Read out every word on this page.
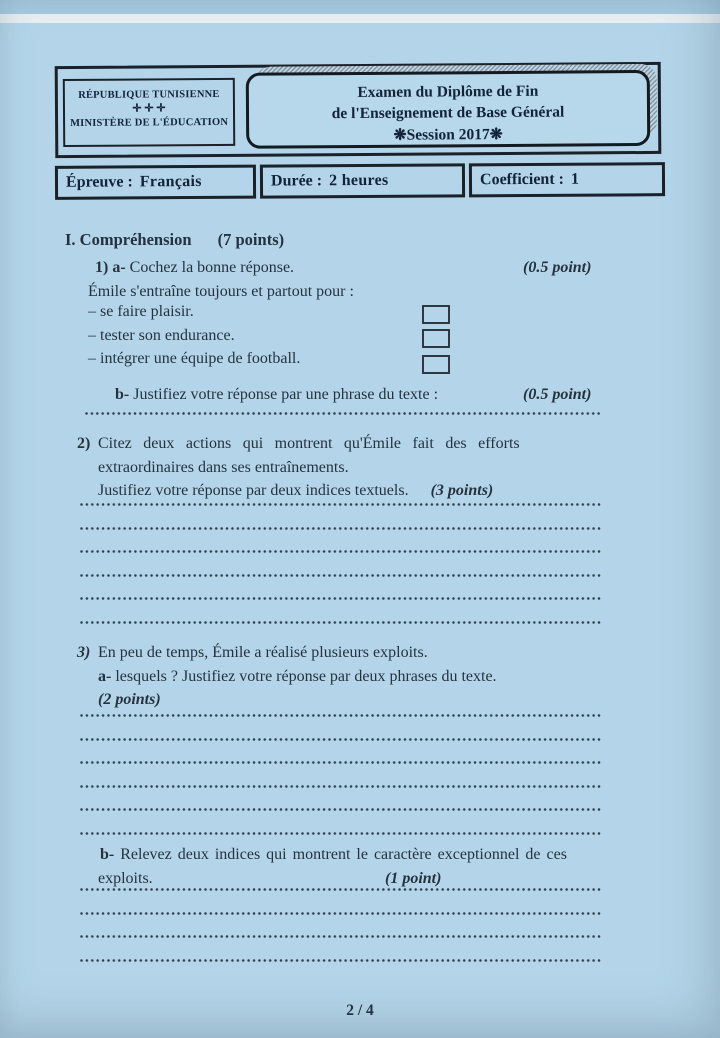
RÉPUBLIQUE TUNISIENNE
✛ ✛ ✛
MINISTÈRE DE L'ÉDUCATION
Examen du Diplôme de Fin
de l'Enseignement de Base Général
❋Session 2017❋
Épreuve : Français	Durée : 2 heures	Coefficient : 1
I. Compréhension (7 points)
1) a- Cochez la bonne réponse.	(0.5 point)
Émile s'entraîne toujours et partout pour :
– se faire plaisir.
– tester son endurance.
– intégrer une équipe de football.
b- Justifiez votre réponse par une phrase du texte :	(0.5 point)
2) Citez deux actions qui montrent qu'Émile fait des efforts
extraordinaires dans ses entraînements.
Justifiez votre réponse par deux indices textuels. (3 points)
3) En peu de temps, Émile a réalisé plusieurs exploits.
a- lesquels ? Justifiez votre réponse par deux phrases du texte.
(2 points)
b- Relevez deux indices qui montrent le caractère exceptionnel de ces
exploits.	(1 point)
2 / 4
